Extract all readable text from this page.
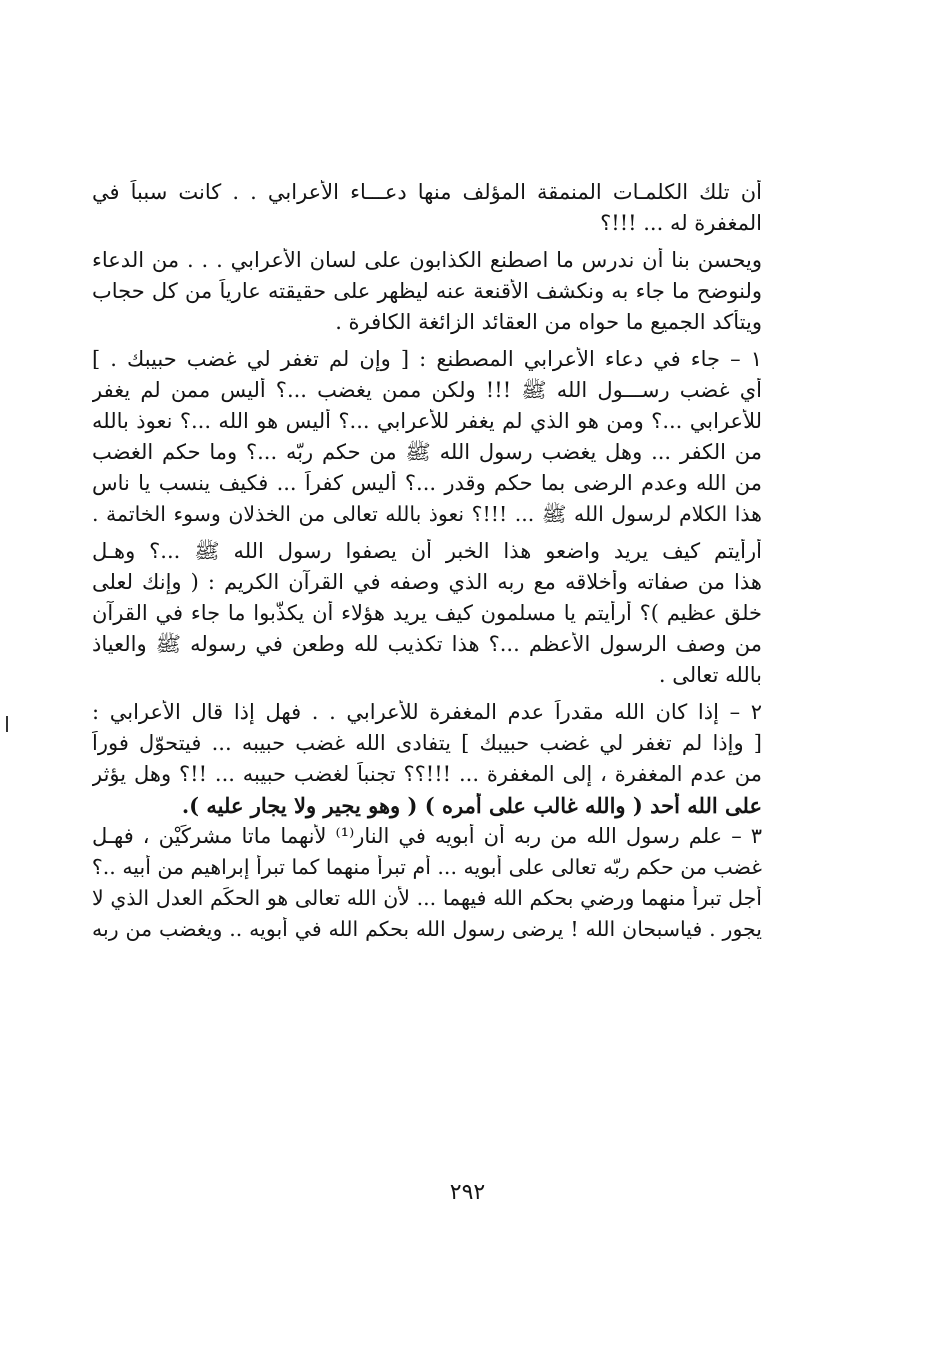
أن تلك الكلمـات المنمقة المؤلف منها دعـــاء الأعرابي . . كانت سبباً في
المغفرة له ... !!!؟
ويحسن بنا أن ندرس ما اصطنع الكذابون على لسان الأعرابي . . . من الدعاء
ولنوضح ما جاء به ونكشف الأقنعة عنه ليظهر على حقيقته عارياً من كل حجاب
ويتأكد الجميع ما حواه من العقائد الزائغة الكافرة .
١ – جاء في دعاء الأعرابي المصطنع : [ وإن لم تغفر لي غضب حبيبك . ]
أي غضب رســـول الله ﷺ !!! ولكن ممن يغضب ...؟ أليس ممن لم يغفر
للأعرابي ...؟ ومن هو الذي لم يغفر للأعرابي ...؟ أليس هو الله ...؟ نعوذ بالله
من الكفر ... وهل يغضب رسول الله ﷺ من حكم ربّه ...؟ وما حكم الغضب
من الله وعدم الرضى بما حكم وقدر ...؟ أليس كفراً ... فكيف ينسب يا ناس
هذا الكلام لرسول الله ﷺ ... !!!؟ نعوذ بالله تعالى من الخذلان وسوء الخاتمة .
أرأيتم كيف يريد واضعو هذا الخبر أن يصفوا رسول الله ﷺ ...؟ وهـل
هذا من صفاته وأخلاقه مع ربه الذي وصفه في القرآن الكريم : ( وإنك لعلى
خلق عظيم )؟ أرأيتم يا مسلمون كيف يريد هؤلاء أن يكذّبوا ما جاء في القرآن
من وصف الرسول الأعظم ...؟ هذا تكذيب لله وطعن في رسوله ﷺ والعياذ
بالله تعالى .
٢ – إذا كان الله مقدراً عدم المغفرة للأعرابي . . فهل إذا قال الأعرابي :
[ وإذا لم تغفر لي غضب حبيبك ] يتفادى الله غضب حبيبه ... فيتحوّل فوراً
من عدم المغفرة ، إلى المغفرة ... !!!؟؟ تجنباً لغضب حبيبه ... !!؟ وهل يؤثر
على الله أحد ( والله غالب على أمره ) ( وهو يجير ولا يجار عليه ).
٣ – علم رسول الله من ربه أن أبويه في النار⁽¹⁾ لأنهما ماتا مشركَيْن ، فهـل
غضب من حكم ربّه تعالى على أبويه ... أم تبرأ منهما كما تبرأ إبراهيم من أبيه ..؟
أجل تبرأ منهما ورضي بحكم الله فيهما ... لأن الله تعالى هو الحكَم العدل الذي لا
يجور . فياسبحان الله ! يرضى رسول الله بحكم الله في أبويه .. ويغضب من ربه
٢٩٢
